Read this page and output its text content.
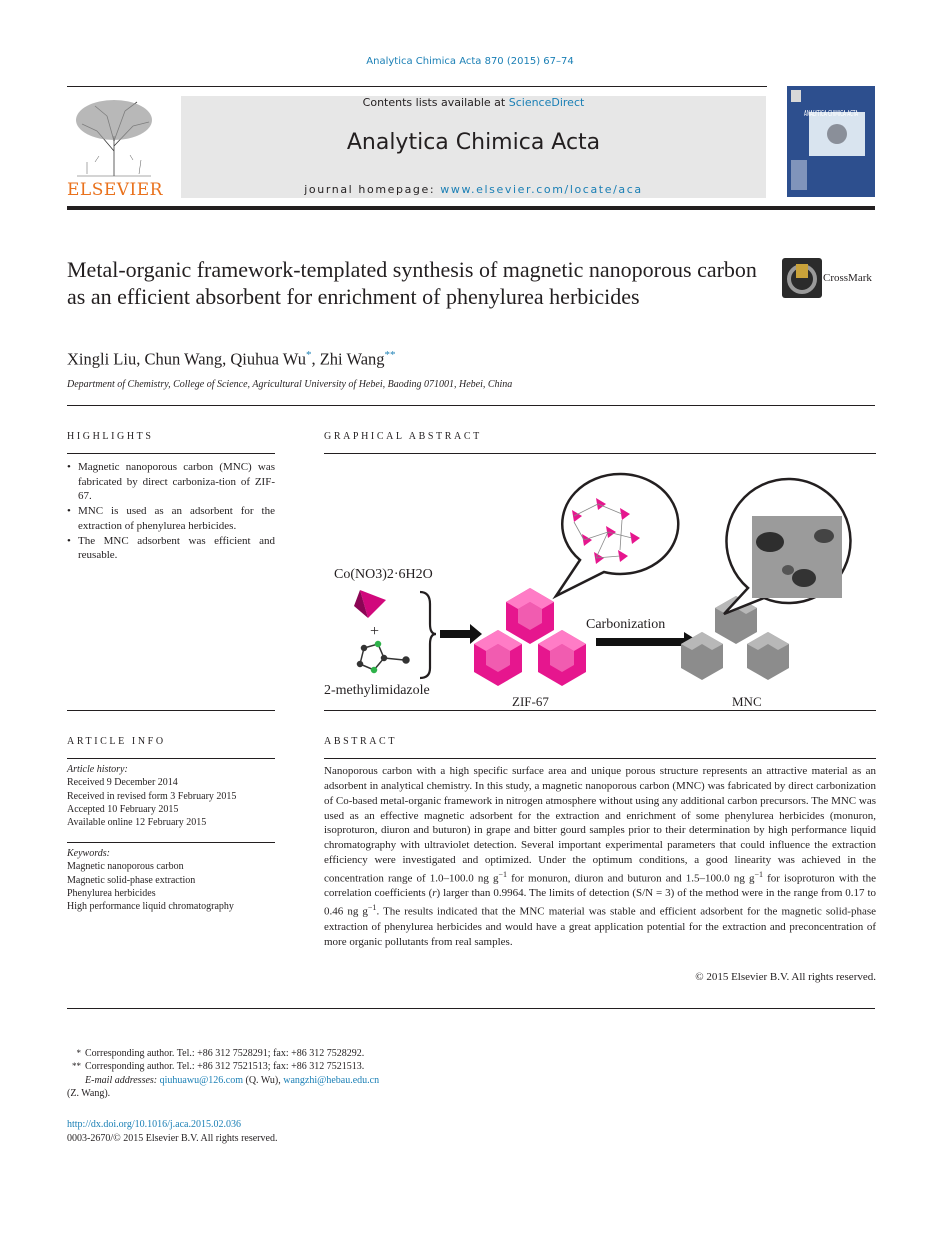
Analytica Chimica Acta 870 (2015) 67–74
ELSEVIER
Contents lists available at ScienceDirect
Analytica Chimica Acta
journal homepage: www.elsevier.com/locate/aca
ANALYTICA CHIMICA ACTA
Metal-organic framework-templated synthesis of magnetic nanoporous carbon as an efficient absorbent for enrichment of phenylurea herbicides
CrossMark
Xingli Liu, Chun Wang, Qiuhua Wu*, Zhi Wang**
Department of Chemistry, College of Science, Agricultural University of Hebei, Baoding 071001, Hebei, China
HIGHLIGHTS
• Magnetic nanoporous carbon (MNC) was fabricated by direct carboniza-tion of ZIF-67.
• MNC is used as an adsorbent for the extraction of phenylurea herbicides.
• The MNC adsorbent was efficient and reusable.
GRAPHICAL ABSTRACT
Co(NO3)2·6H2O
+
2-methylimidazole
ZIF-67
Carbonization
MNC
ARTICLE INFO
Article history:
Received 9 December 2014
Received in revised form 3 February 2015
Accepted 10 February 2015
Available online 12 February 2015
Keywords:
Magnetic nanoporous carbon
Magnetic solid-phase extraction
Phenylurea herbicides
High performance liquid chromatography
ABSTRACT

Nanoporous carbon with a high specific surface area and unique porous structure represents an attractive material as an adsorbent in analytical chemistry. In this study, a magnetic nanoporous carbon (MNC) was fabricated by direct carbonization of Co-based metal-organic framework in nitrogen atmosphere without using any additional carbon precursors. The MNC was used as an effective magnetic adsorbent for the extraction and enrichment of some phenylurea herbicides (monuron, isoproturon, diuron and buturon) in grape and bitter gourd samples prior to their determination by high performance liquid chromatography with ultraviolet detection. Several important experimental parameters that could influence the extraction efficiency were investigated and optimized. Under the optimum conditions, a good linearity was achieved in the concentration range of 1.0–100.0 ng $g^{-1}$ for monuron, diuron and buturon and 1.5–100.0 ng $g^{-1}$ for isoproturon with the correlation coefficients (r) larger than 0.9964. The limits of detection (S/N = 3) of the method were in the range from 0.17 to 0.46 ng $g^{-1}$. The results indicated that the MNC material was stable and efficient adsorbent for the magnetic solid-phase extraction of phenylurea herbicides and would have a great application potential for the extraction and preconcentration of more organic pollutants from real samples.

© 2015 Elsevier B.V. All rights reserved.
* Corresponding author. Tel.: +86 312 7528291; fax: +86 312 7528292.
** Corresponding author. Tel.: +86 312 7521513; fax: +86 312 7521513.
E-mail addresses: qiuhuawu@126.com (Q. Wu), wangzhi@hebau.edu.cn
(Z. Wang).
http://dx.doi.org/10.1016/j.aca.2015.02.036
0003-2670/© 2015 Elsevier B.V. All rights reserved.
